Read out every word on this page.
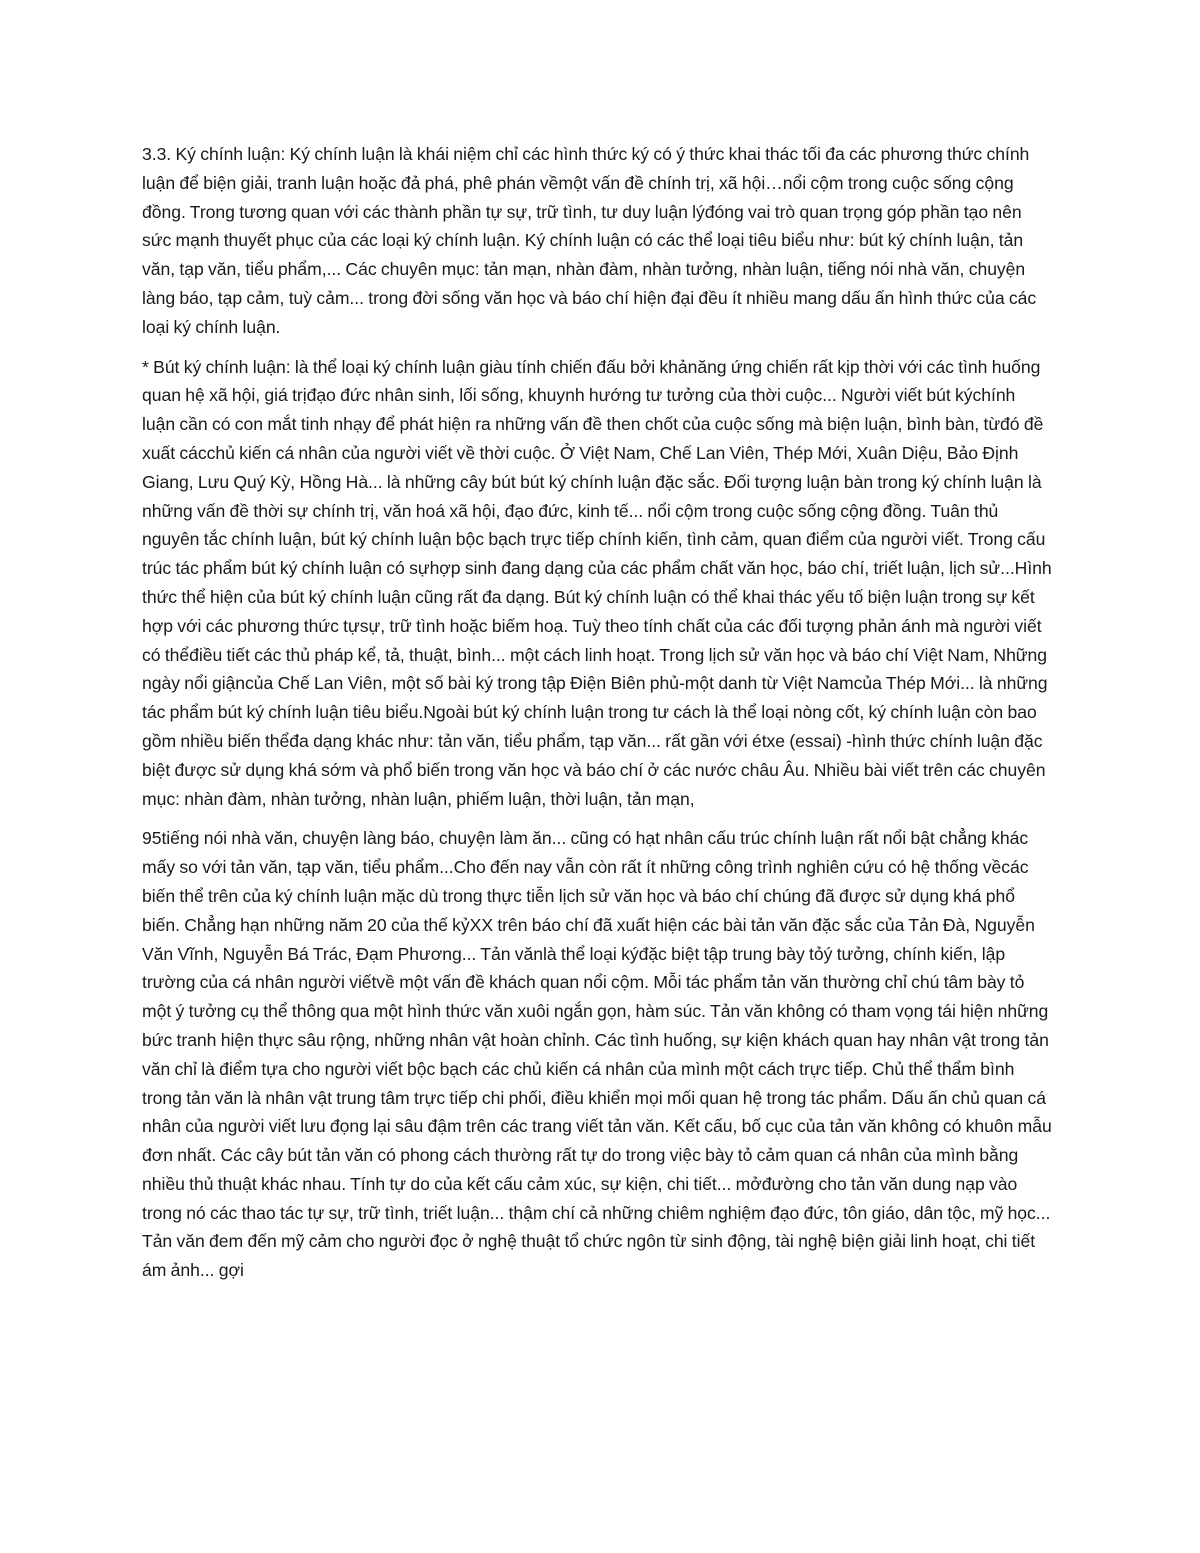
3.3. Ký chính luận: Ký chính luận là khái niệm chỉ các hình thức ký có ý thức khai thác tối đa các phương thức chính luận để biện giải, tranh luận hoặc đả phá, phê phán vềmột vấn đề chính trị, xã hội…nổi cộm trong cuộc sống cộng đồng. Trong tương quan với các thành phần tự sự, trữ tình, tư duy luận lýđóng vai trò quan trọng góp phần tạo nên sức mạnh thuyết phục của các loại ký chính luận. Ký chính luận có các thể loại tiêu biểu như: bút ký chính luận, tản văn, tạp văn, tiểu phẩm,... Các chuyên mục: tản mạn, nhàn đàm, nhàn tưởng, nhàn luận, tiếng nói nhà văn, chuyện làng báo, tạp cảm, tuỳ cảm... trong đời sống văn học và báo chí hiện đại đều ít nhiều mang dấu ấn hình thức của các loại ký chính luận.

* Bút ký chính luận: là thể loại ký chính luận giàu tính chiến đấu bởi khảnăng ứng chiến rất kịp thời với các tình huống quan hệ xã hội, giá trịđạo đức nhân sinh, lối sống, khuynh hướng tư tưởng của thời cuộc... Người viết bút kýchính luận cần có con mắt tinh nhạy để phát hiện ra những vấn đề then chốt của cuộc sống mà biện luận, bình bàn, từđó đề xuất cácchủ kiến cá nhân của người viết về thời cuộc. Ở Việt Nam, Chế Lan Viên, Thép Mới, Xuân Diệu, Bảo Định Giang, Lưu Quý Kỳ, Hồng Hà... là những cây bút bút ký chính luận đặc sắc. Đối tượng luận bàn trong ký chính luận là những vấn đề thời sự chính trị, văn hoá xã hội, đạo đức, kinh tế... nổi cộm trong cuộc sống cộng đồng. Tuân thủ nguyên tắc chính luận, bút ký chính luận bộc bạch trực tiếp chính kiến, tình cảm, quan điểm của người viết. Trong cấu trúc tác phẩm bút ký chính luận có sựhợp sinh đang dạng của các phẩm chất văn học, báo chí, triết luận, lịch sử...Hình thức thể hiện của bút ký chính luận cũng rất đa dạng. Bút ký chính luận có thể khai thác yếu tố biện luận trong sự kết hợp với các phương thức tựsự, trữ tình hoặc biếm hoạ. Tuỳ theo tính chất của các đối tượng phản ánh mà người viết có thểđiều tiết các thủ pháp kể, tả, thuật, bình... một cách linh hoạt. Trong lịch sử văn học và báo chí Việt Nam, Những ngày nổi giậncủa Chế Lan Viên, một số bài ký trong tập Điện Biên phủ-một danh từ Việt Namcủa Thép Mới... là những tác phẩm bút ký chính luận tiêu biểu.Ngoài bút ký chính luận trong tư cách là thể loại nòng cốt, ký chính luận còn bao gồm nhiều biến thểđa dạng khác như: tản văn, tiểu phẩm, tạp văn... rất gần với étxe (essai) -hình thức chính luận đặc biệt được sử dụng khá sớm và phổ biến trong văn học và báo chí ở các nước châu Âu. Nhiều bài viết trên các chuyên mục: nhàn đàm, nhàn tưởng, nhàn luận, phiếm luận, thời luận, tản mạn,

95tiếng nói nhà văn, chuyện làng báo, chuyện làm ăn... cũng có hạt nhân cấu trúc chính luận rất nổi bật chẳng khác mấy so với tản văn, tạp văn, tiểu phẩm...Cho đến nay vẫn còn rất ít những công trình nghiên cứu có hệ thống vềcác biến thể trên của ký chính luận mặc dù trong thực tiễn lịch sử văn học và báo chí chúng đã được sử dụng khá phổ biến. Chẳng hạn những năm 20 của thế kỷXX trên báo chí đã xuất hiện các bài tản văn đặc sắc của Tản Đà, Nguyễn Văn Vĩnh, Nguyễn Bá Trác, Đạm Phương... Tản vănlà thể loại kýđặc biệt tập trung bày tỏý tưởng, chính kiến, lập trường của cá nhân người viếtvề một vấn đề khách quan nổi cộm. Mỗi tác phẩm tản văn thường chỉ chú tâm bày tỏ một ý tưởng cụ thể thông qua một hình thức văn xuôi ngắn gọn, hàm súc. Tản văn không có tham vọng tái hiện những bức tranh hiện thực sâu rộng, những nhân vật hoàn chỉnh. Các tình huống, sự kiện khách quan hay nhân vật trong tản văn chỉ là điểm tựa cho người viết bộc bạch các chủ kiến cá nhân của mình một cách trực tiếp. Chủ thể thẩm bình trong tản văn là nhân vật trung tâm trực tiếp chi phối, điều khiển mọi mối quan hệ trong tác phẩm. Dấu ấn chủ quan cá nhân của người viết lưu đọng lại sâu đậm trên các trang viết tản văn. Kết cấu, bố cục của tản văn không có khuôn mẫu đơn nhất. Các cây bút tản văn có phong cách thường rất tự do trong việc bày tỏ cảm quan cá nhân của mình bằng nhiều thủ thuật khác nhau. Tính tự do của kết cấu cảm xúc, sự kiện, chi tiết... mởđường cho tản văn dung nạp vào trong nó các thao tác tự sự, trữ tình, triết luận... thậm chí cả những chiêm nghiệm đạo đức, tôn giáo, dân tộc, mỹ học... Tản văn đem đến mỹ cảm cho người đọc ở nghệ thuật tổ chức ngôn từ sinh động, tài nghệ biện giải linh hoạt, chi tiết ám ảnh... gợi
